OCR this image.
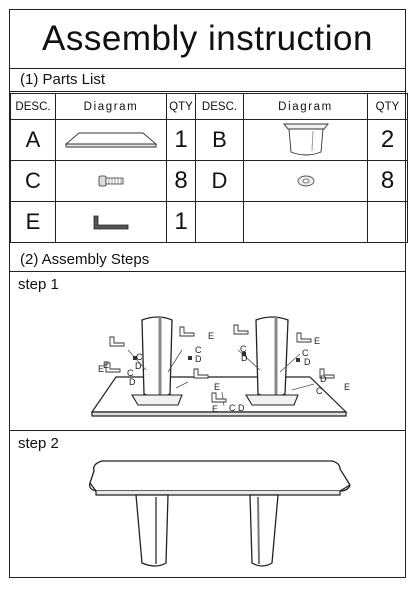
Assembly instruction
(1) Parts List
DESC.	Diagram	QTY	DESC.	Diagram	QTY
A		1	B		2
C		8	D		8
E		1			
(2) Assembly Steps
E
C
D
E	C
D
C
D
E
C
D	C
D
E
E	C
D
E
E C D
step 1
step 2
